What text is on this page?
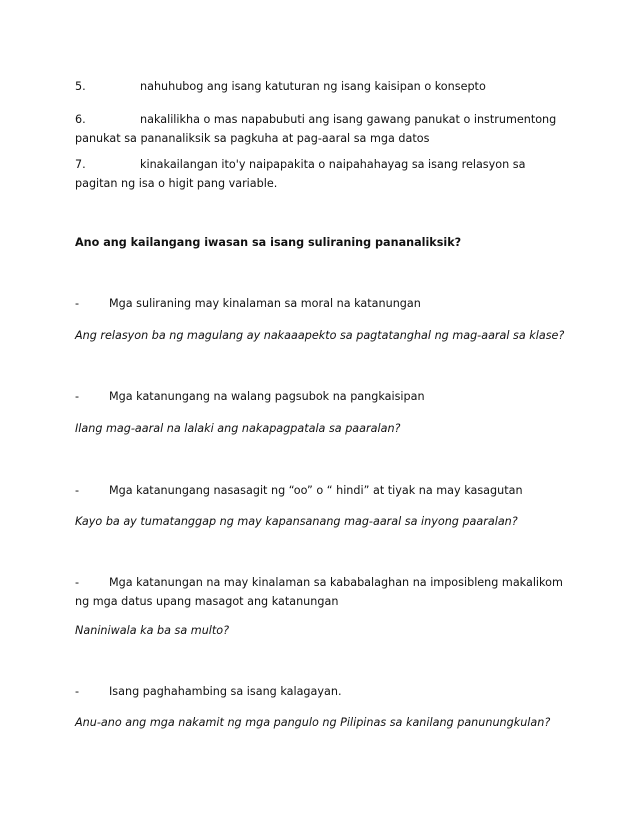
5.	nahuhubog ang isang katuturan ng isang kaisipan o konsepto
6.	nakalilikha o mas napabubuti ang isang gawang panukat o instrumentong panukat sa pananaliksik sa pagkuha at pag-aaral sa mga datos
7.	kinakailangan ito'y naipapakita o naipahahayag sa isang relasyon sa pagitan ng isa o higit pang variable.
Ano ang kailangang iwasan sa isang suliraning pananaliksik?
-	Mga suliraning may kinalaman sa moral na katanungan
Ang relasyon ba ng magulang ay nakaaapekto sa pagtatanghal ng mag-aaral sa klase?
-	Mga katanungang na walang pagsubok na pangkaisipan
Ilang mag-aaral na lalaki ang nakapagpatala sa paaralan?
-	Mga katanungang nasasagit ng “oo” o “ hindi” at tiyak na may kasagutan
Kayo ba ay tumatanggap ng may kapansanang mag-aaral sa inyong paaralan?
-	Mga katanungan na may kinalaman sa kababalaghan na imposibleng makalikom ng mga datus upang masagot ang katanungan
Naniniwala ka ba sa multo?
-	Isang paghahambing sa isang kalagayan.
Anu-ano ang mga nakamit ng mga pangulo ng Pilipinas sa kanilang panunungkulan?
